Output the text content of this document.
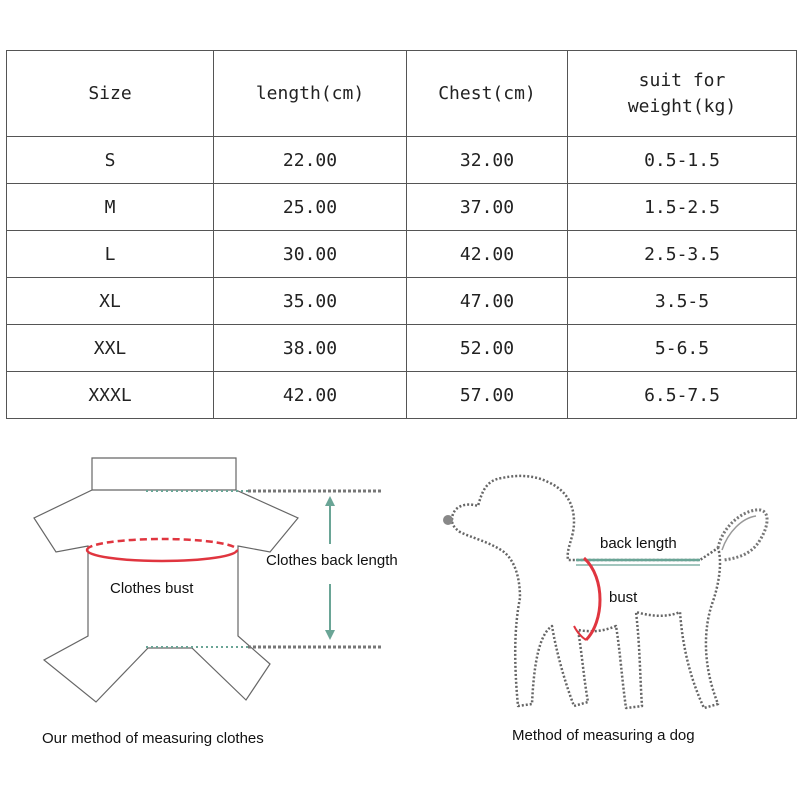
Size	length(cm)	Chest(cm)	suit for
weight(kg)

S	22.00	32.00	0.5-1.5
M	25.00	37.00	1.5-2.5
L	30.00	42.00	2.5-3.5
XL	35.00	47.00	3.5-5
XXL	38.00	52.00	5-6.5
XXXL	42.00	57.00	6.5-7.5
Clothes bust
Clothes back length
Our method of measuring clothes
back length
bust
Method of measuring a dog
